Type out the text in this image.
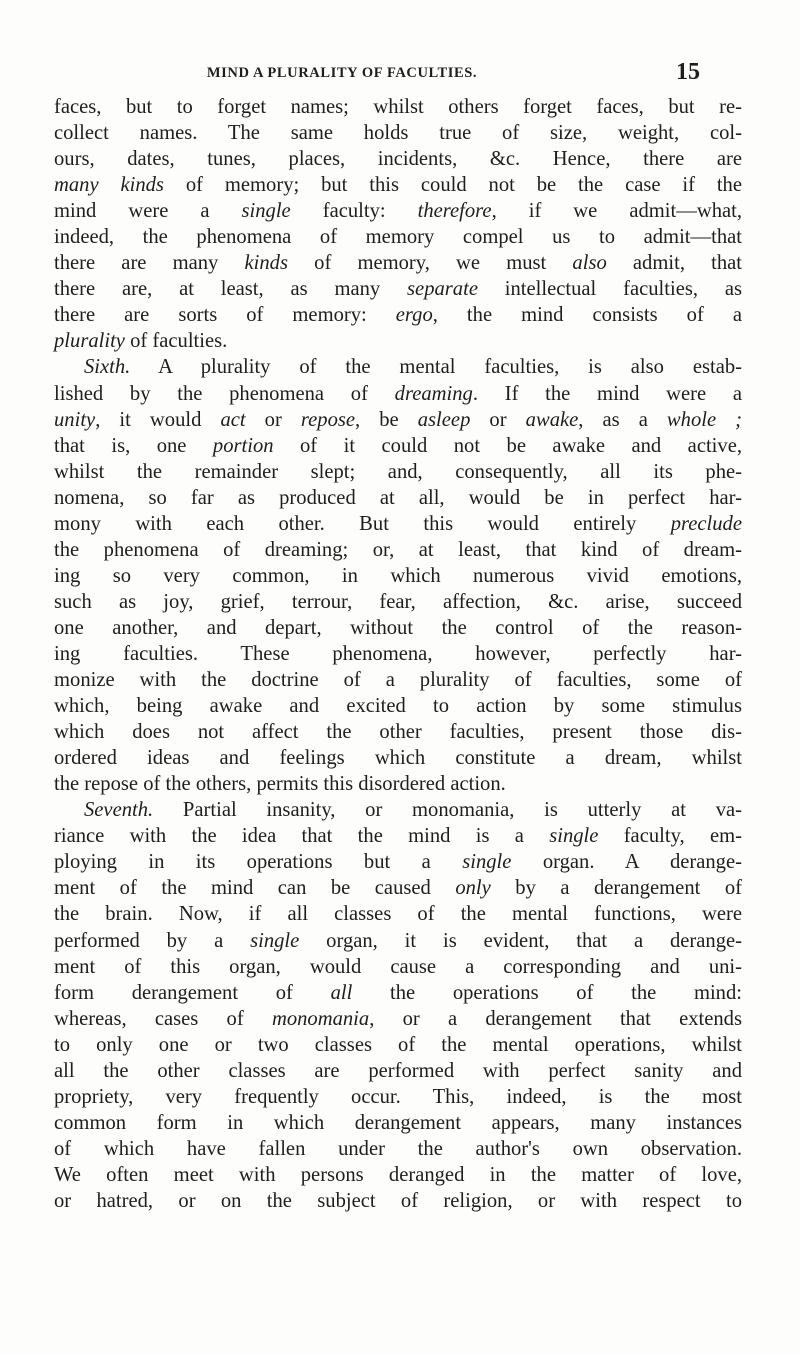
MIND A PLURALITY OF FACULTIES.	15
faces, but to forget names; whilst others forget faces, but re-
collect names. The same holds true of size, weight, col-
ours, dates, tunes, places, incidents, &c. Hence, there are
many kinds of memory; but this could not be the case if the
mind were a single faculty: therefore, if we admit—what,
indeed, the phenomena of memory compel us to admit—that
there are many kinds of memory, we must also admit, that
there are, at least, as many separate intellectual faculties, as
there are sorts of memory: ergo, the mind consists of a
plurality of faculties.
Sixth. A plurality of the mental faculties, is also estab-
lished by the phenomena of dreaming. If the mind were a
unity, it would act or repose, be asleep or awake, as a whole ;
that is, one portion of it could not be awake and active,
whilst the remainder slept; and, consequently, all its phe-
nomena, so far as produced at all, would be in perfect har-
mony with each other. But this would entirely preclude
the phenomena of dreaming; or, at least, that kind of dream-
ing so very common, in which numerous vivid emotions,
such as joy, grief, terrour, fear, affection, &c. arise, succeed
one another, and depart, without the control of the reason-
ing faculties. These phenomena, however, perfectly har-
monize with the doctrine of a plurality of faculties, some of
which, being awake and excited to action by some stimulus
which does not affect the other faculties, present those dis-
ordered ideas and feelings which constitute a dream, whilst
the repose of the others, permits this disordered action.
Seventh. Partial insanity, or monomania, is utterly at va-
riance with the idea that the mind is a single faculty, em-
ploying in its operations but a single organ. A derange-
ment of the mind can be caused only by a derangement of
the brain. Now, if all classes of the mental functions, were
performed by a single organ, it is evident, that a derange-
ment of this organ, would cause a corresponding and uni-
form derangement of all the operations of the mind:
whereas, cases of monomania, or a derangement that extends
to only one or two classes of the mental operations, whilst
all the other classes are performed with perfect sanity and
propriety, very frequently occur. This, indeed, is the most
common form in which derangement appears, many instances
of which have fallen under the author's own observation.
We often meet with persons deranged in the matter of love,
or hatred, or on the subject of religion, or with respect to
